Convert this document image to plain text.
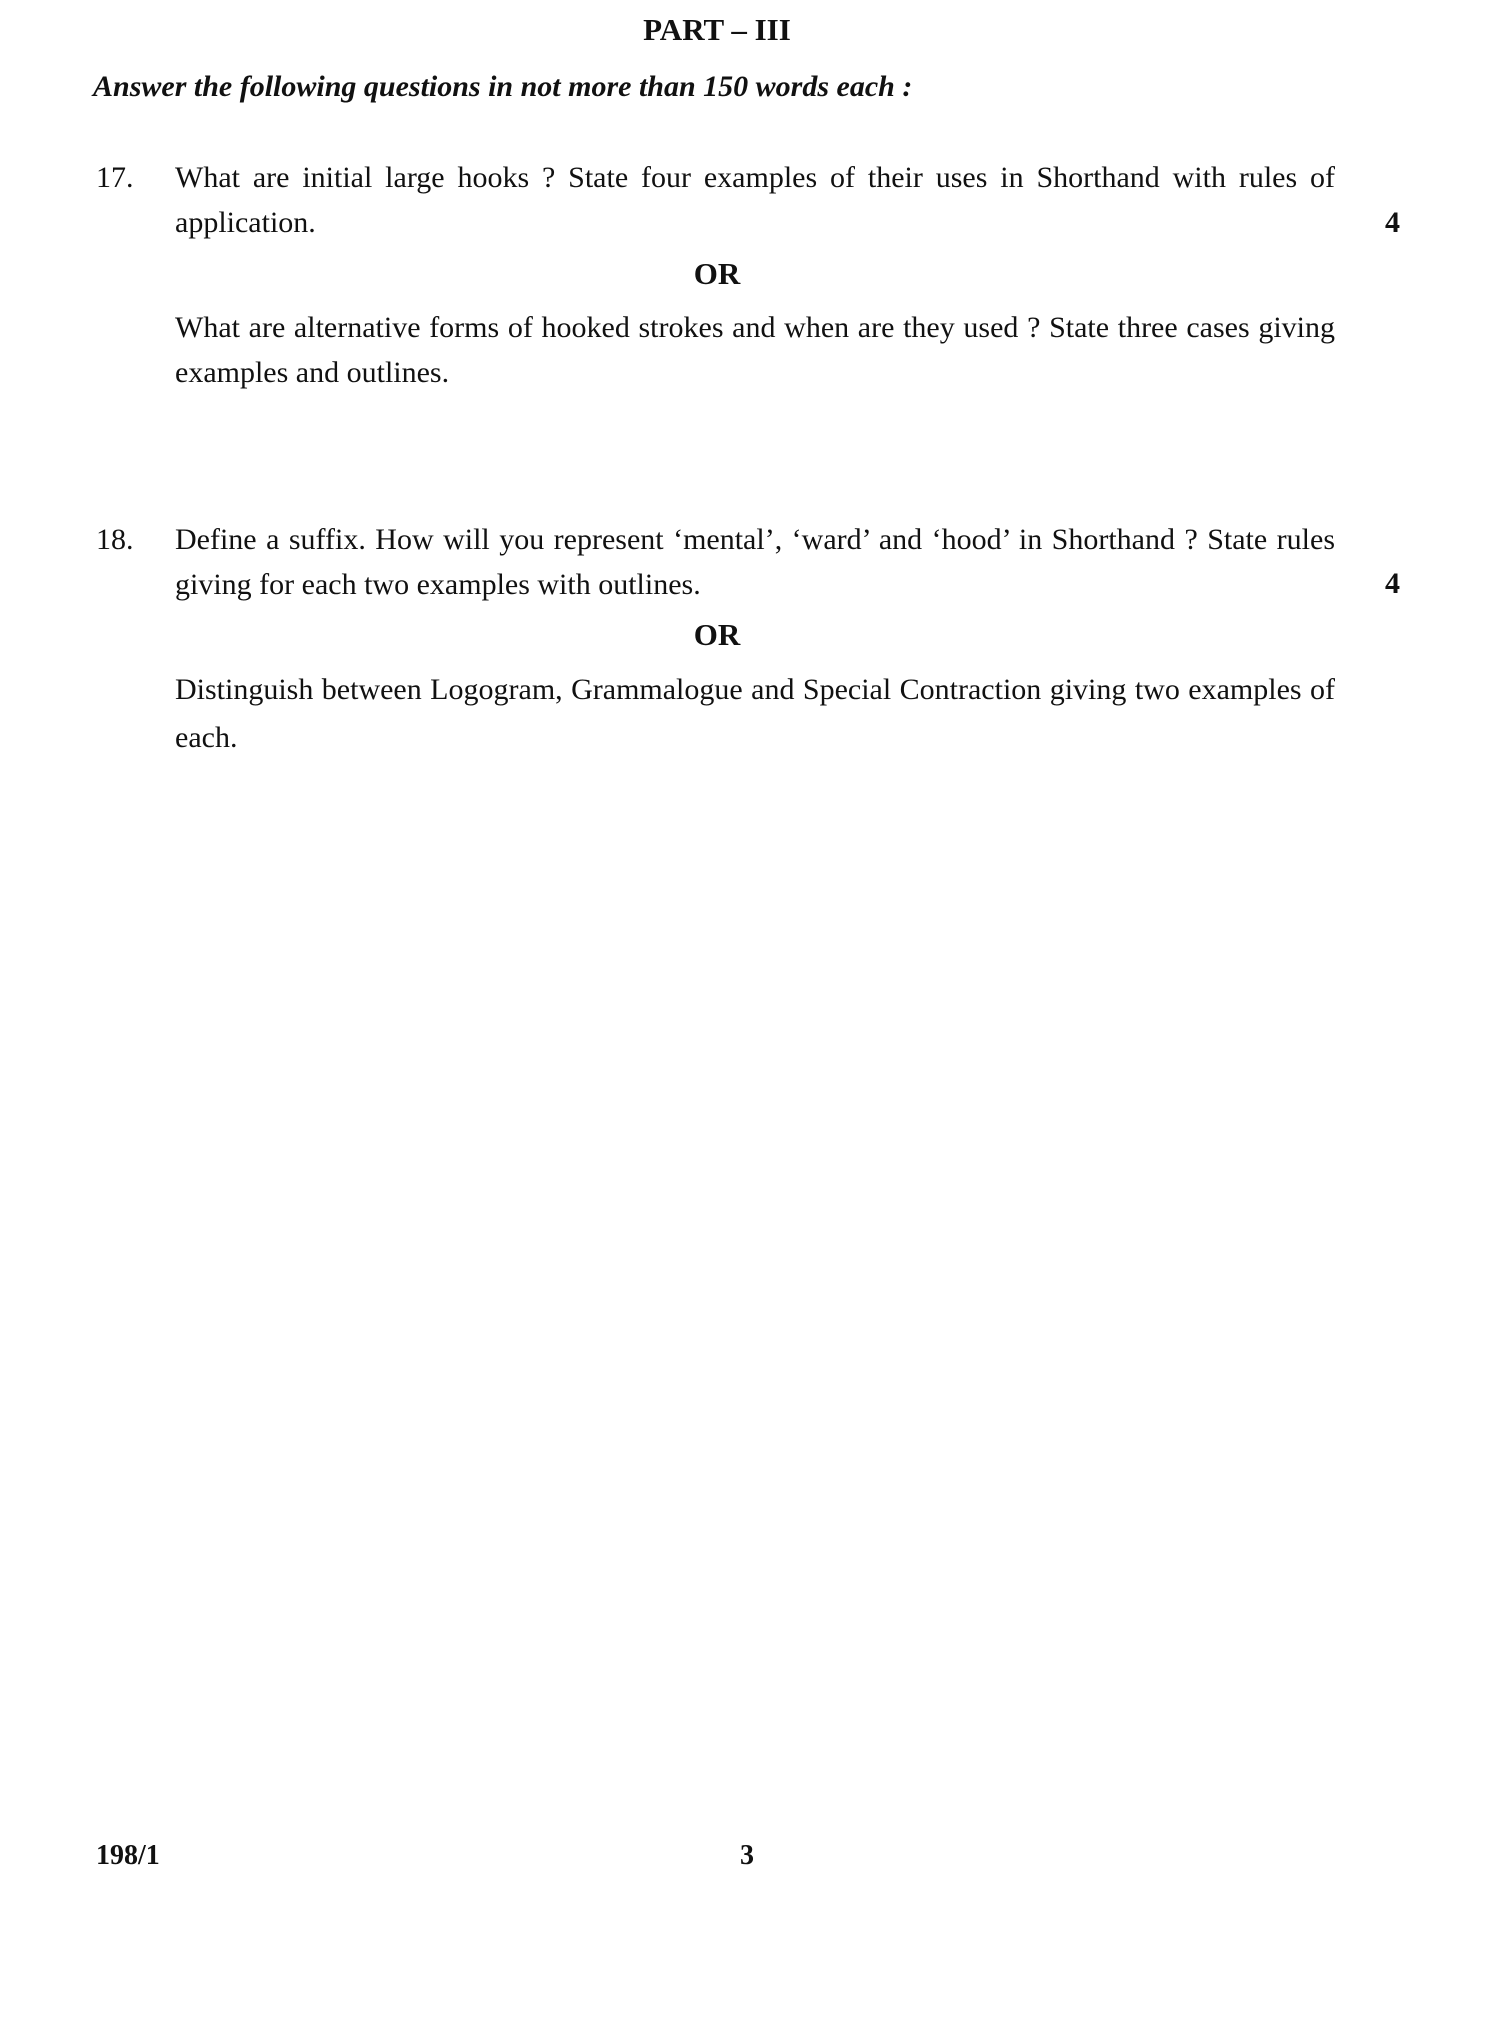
PART – III
Answer the following questions in not more than 150 words each :
17. What are initial large hooks ? State four examples of their uses in Shorthand with rules of application.	4
OR
What are alternative forms of hooked strokes and when are they used ? State three cases giving examples and outlines.
18. Define a suffix. How will you represent ‘mental’, ‘ward’ and ‘hood’ in Shorthand ? State rules giving for each two examples with outlines.	4
OR
Distinguish between Logogram, Grammalogue and Special Contraction giving two examples of each.
198/1	3
